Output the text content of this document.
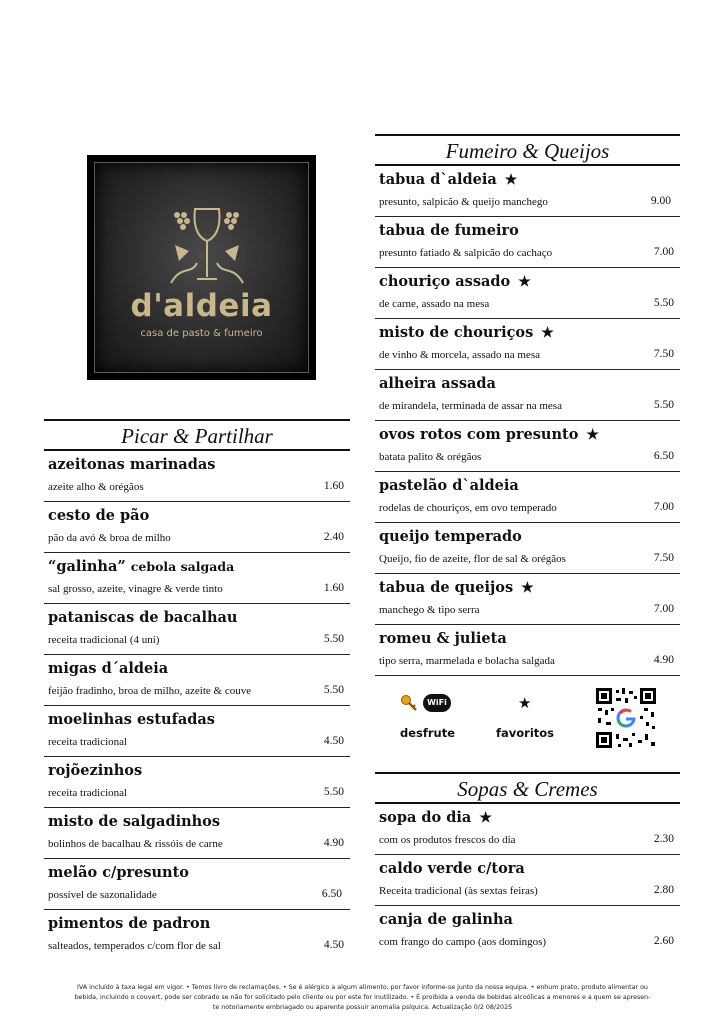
d'aldeia
casa de pasto & fumeiro
Picar & Partilhar
azeitonas marinadas
azeite alho & orégãos	1.60
cesto de pão
pão da avó & broa de milho	2.40
“galinha” cebola salgada
sal grosso, azeite, vinagre & verde tinto	1.60
pataniscas de bacalhau
receita tradicional (4 uni)	5.50
migas d´aldeia
feijão fradinho, broa de milho, azeite & couve	5.50
moelinhas estufadas
receita tradicional	4.50
rojõezinhos
receita tradicional	5.50
misto de salgadinhos
bolinhos de bacalhau & rissóis de carne	4.90
melão c/presunto
possível de sazonalidade	6.50
pimentos de padron
salteados, temperados c/com flor de sal	4.50
Fumeiro & Queijos
tabua d`aldeia ★
presunto, salpicão & queijo manchego	9.00
tabua de fumeiro
presunto fatiado & salpicão do cachaço	7.00
chouriço assado ★
de carne, assado na mesa	5.50
misto de chouriços ★
de vinho & morcela, assado na mesa	7.50
alheira assada
de mirandela, terminada de assar na mesa	5.50
ovos rotos com presunto ★
batata palito & orégãos	6.50
pastelão d`aldeia
rodelas de chouriços, em ovo temperado	7.00
queijo temperado
Queijo, fio de azeite, flor de sal & orégãos	7.50
tabua de queijos ★
manchego & tipo serra	7.00
romeu & julieta
tipo serra, marmelada e bolacha salgada	4.90
WiFi
desfrute
★
favoritos
Sopas & Cremes
sopa do dia ★
com os produtos frescos do dia	2.30
caldo verde c/tora
Receita tradicional (às sextas feiras)	2.80
canja de galinha
com frango do campo (aos domingos)	2.60
IVA incluído à taxa legal em vigor. • Temos livro de reclamações. • Se é alérgico a algum alimento, por favor informe-se junto da nossa equipa. • enhum prato, produto alimentar ou
bebida, incluindo o couvert, pode ser cobrado se não for solicitado pelo cliente ou por este for inutilizado. • É proibida a venda de bebidas alcoólicas a menores e a quem se apresen-
te notoriamente embriagado ou aparente possuir anomalia psíquica. Actualização 0/2 08/2025
